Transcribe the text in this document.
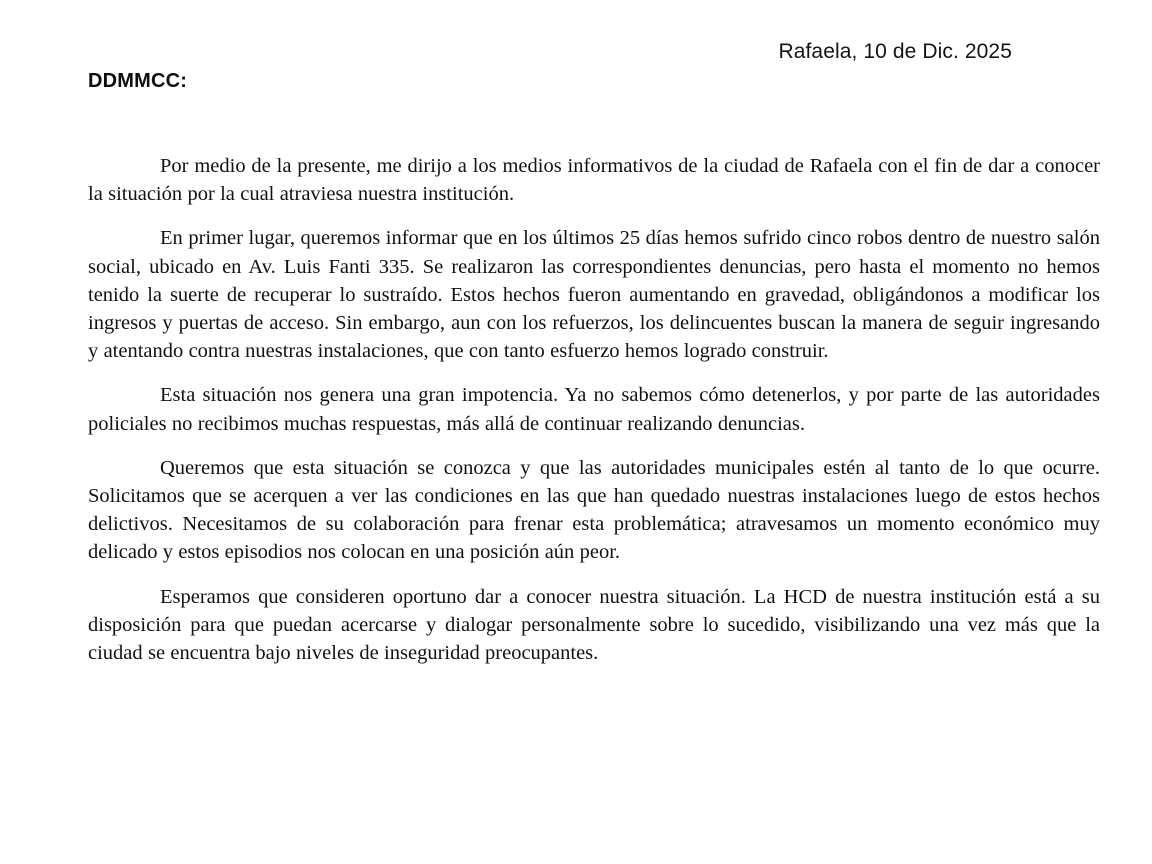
Rafaela, 10 de Dic. 2025
DDMMCC:

Por medio de la presente, me dirijo a los medios informativos de la ciudad de Rafaela con el fin de dar a conocer la situación por la cual atraviesa nuestra institución.

En primer lugar, queremos informar que en los últimos 25 días hemos sufrido cinco robos dentro de nuestro salón social, ubicado en Av. Luis Fanti 335. Se realizaron las correspondientes denuncias, pero hasta el momento no hemos tenido la suerte de recuperar lo sustraído. Estos hechos fueron aumentando en gravedad, obligándonos a modificar los ingresos y puertas de acceso. Sin embargo, aun con los refuerzos, los delincuentes buscan la manera de seguir ingresando y atentando contra nuestras instalaciones, que con tanto esfuerzo hemos logrado construir.

Esta situación nos genera una gran impotencia. Ya no sabemos cómo detenerlos, y por parte de las autoridades policiales no recibimos muchas respuestas, más allá de continuar realizando denuncias.

Queremos que esta situación se conozca y que las autoridades municipales estén al tanto de lo que ocurre. Solicitamos que se acerquen a ver las condiciones en las que han quedado nuestras instalaciones luego de estos hechos delictivos. Necesitamos de su colaboración para frenar esta problemática; atravesamos un momento económico muy delicado y estos episodios nos colocan en una posición aún peor.

Esperamos que consideren oportuno dar a conocer nuestra situación. La HCD de nuestra institución está a su disposición para que puedan acercarse y dialogar personalmente sobre lo sucedido, visibilizando una vez más que la ciudad se encuentra bajo niveles de inseguridad preocupantes.
